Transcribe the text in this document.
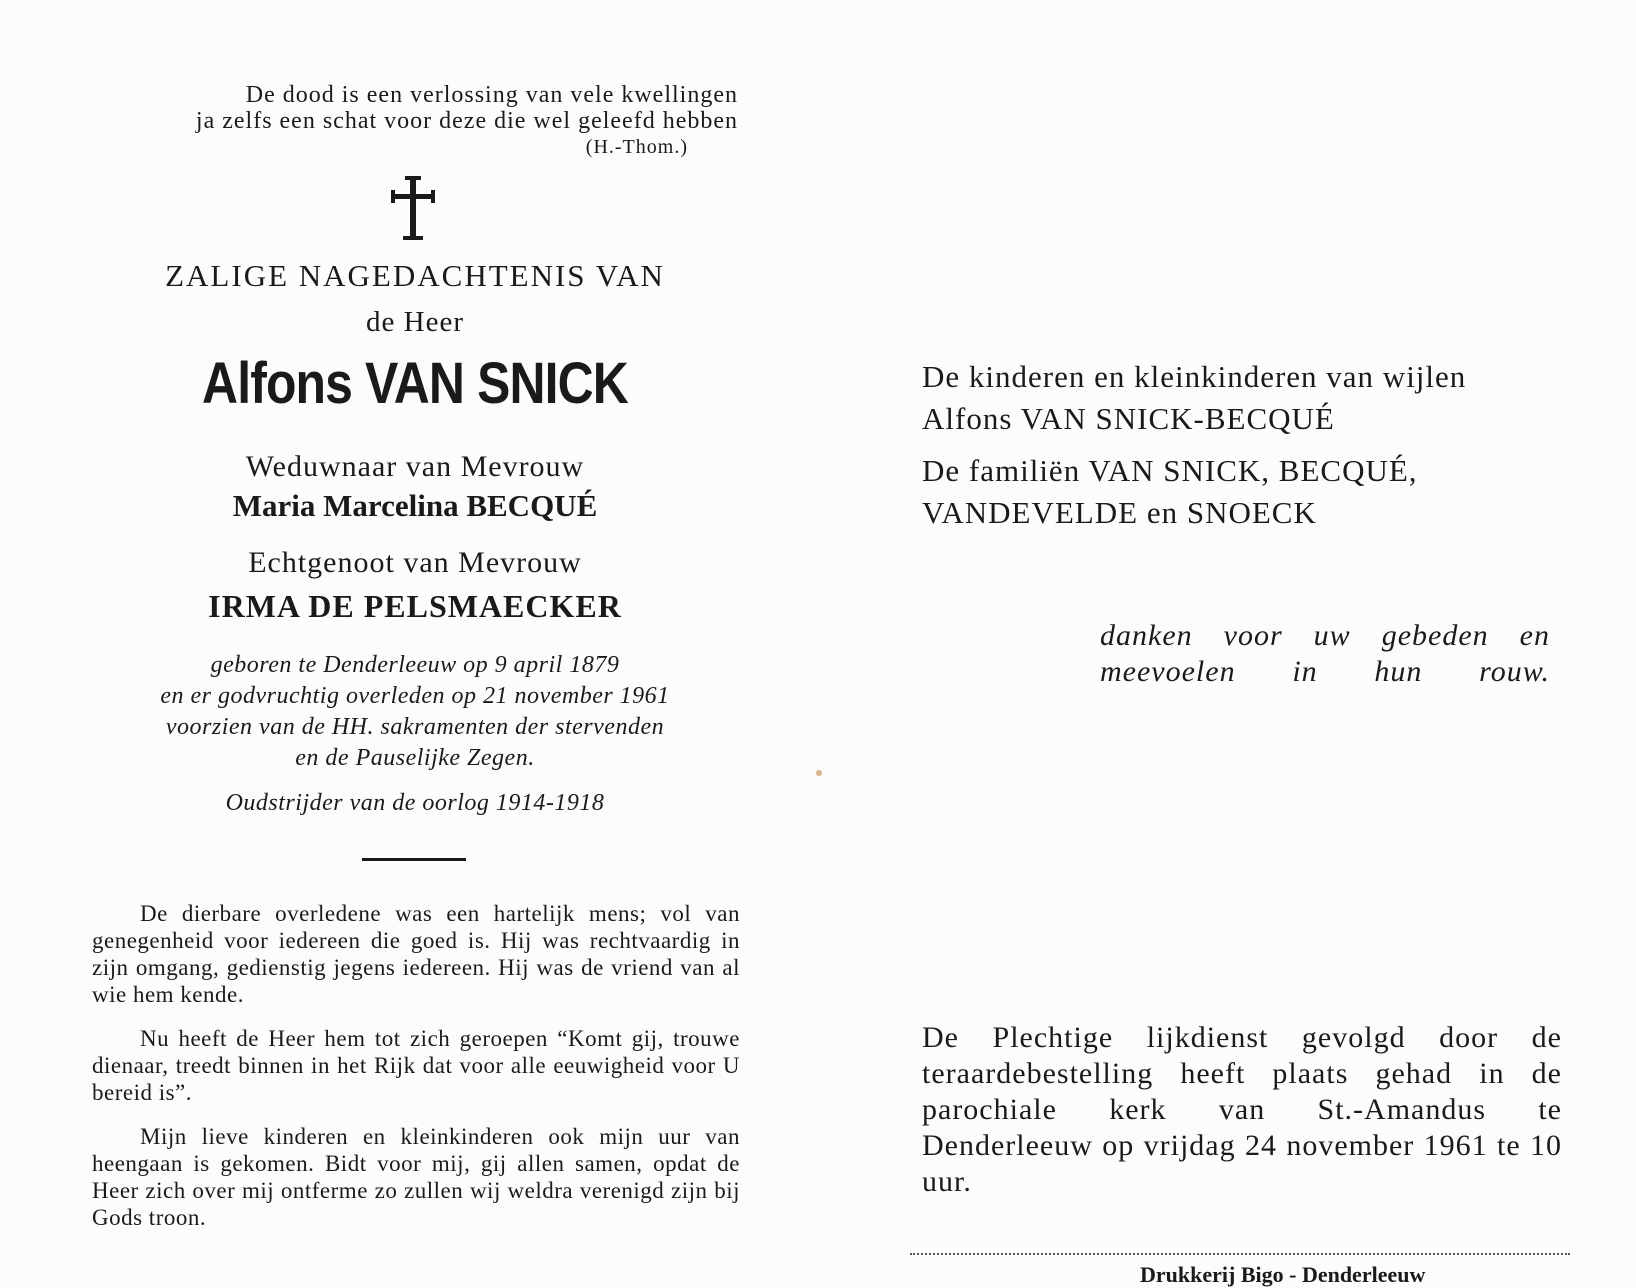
De dood is een verlossing van vele kwellingen
ja zelfs een schat voor deze die wel geleefd hebben
(H.-Thom.)
ZALIGE NAGEDACHTENIS VAN
de Heer
Alfons VAN SNICK
Weduwnaar van Mevrouw
Maria Marcelina BECQUÉ
Echtgenoot van Mevrouw
IRMA DE PELSMAECKER
geboren te Denderleeuw op 9 april 1879
en er godvruchtig overleden op 21 november 1961
voorzien van de HH. sakramenten der stervenden
en de Pauselijke Zegen.
Oudstrijder van de oorlog 1914-1918

De dierbare overledene was een hartelijk mens; vol van genegenheid voor iedereen die goed is. Hij was rechtvaardig in zijn omgang, gedienstig jegens iedereen. Hij was de vriend van al wie hem kende.

Nu heeft de Heer hem tot zich geroepen “Komt gij, trouwe dienaar, treedt binnen in het Rijk dat voor alle eeuwigheid voor U bereid is”.

Mijn lieve kinderen en kleinkinderen ook mijn uur van heengaan is gekomen. Bidt voor mij, gij allen samen, opdat de Heer zich over mij ontferme zo zullen wij weldra verenigd zijn bij Gods troon.

De kinderen en kleinkinderen van wijlen
Alfons VAN SNICK-BECQUÉ
De familiën VAN SNICK, BECQUÉ,
VANDEVELDE en SNOECK
danken voor uw gebeden en meevoelen in hun rouw.
De Plechtige lijkdienst gevolgd door de teraardebestelling heeft plaats gehad in de parochiale kerk van St.-Amandus te Denderleeuw op vrijdag 24 november 1961 te 10 uur.
Drukkerij Bigo - Denderleeuw
